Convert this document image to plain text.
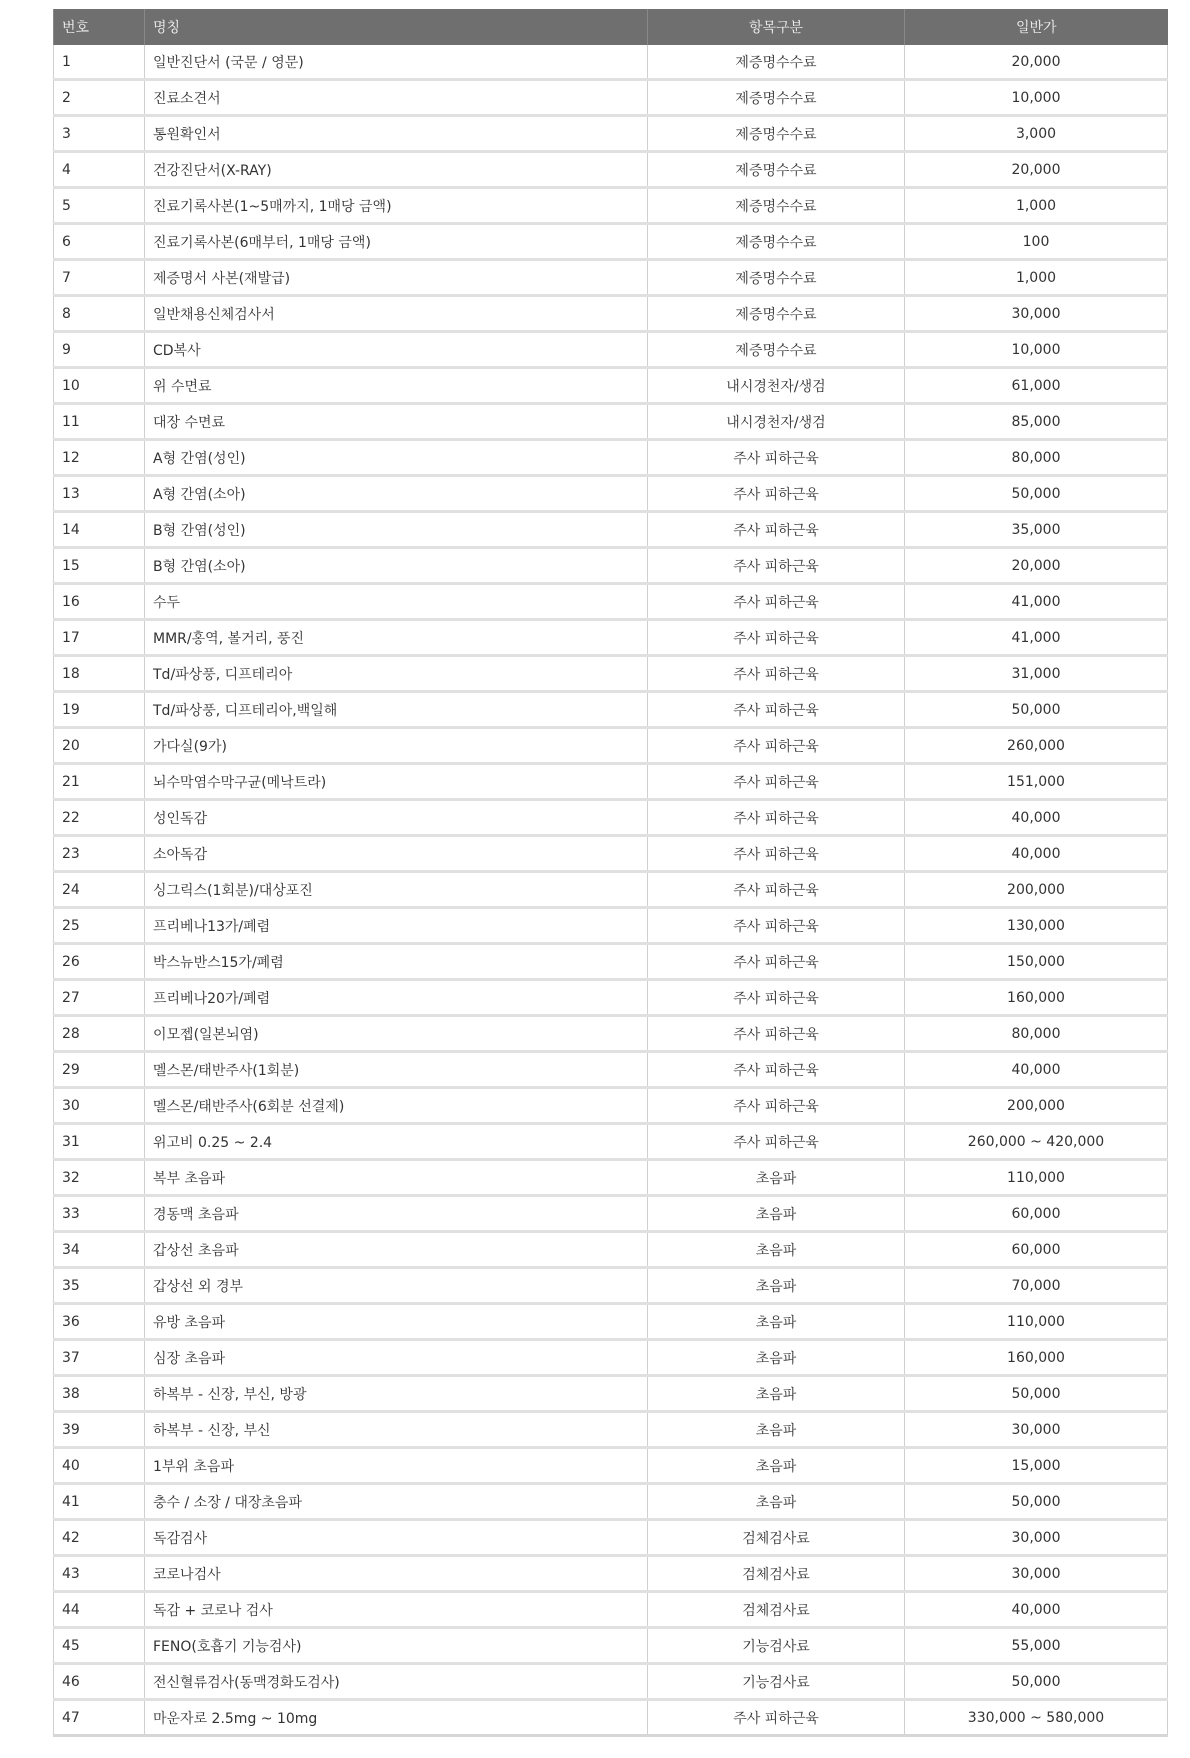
번호	명칭	항목구분	일반가
1	일반진단서 (국문 / 영문)	제증명수수료	20,000
2	진료소견서	제증명수수료	10,000
3	통원확인서	제증명수수료	3,000
4	건강진단서(X-RAY)	제증명수수료	20,000
5	진료기록사본(1~5매까지, 1매당 금액)	제증명수수료	1,000
6	진료기록사본(6매부터, 1매당 금액)	제증명수수료	100
7	제증명서 사본(재발급)	제증명수수료	1,000
8	일반채용신체검사서	제증명수수료	30,000
9	CD복사	제증명수수료	10,000
10	위 수면료	내시경천자/생검	61,000
11	대장 수면료	내시경천자/생검	85,000
12	A형 간염(성인)	주사 피하근육	80,000
13	A형 간염(소아)	주사 피하근육	50,000
14	B형 간염(성인)	주사 피하근육	35,000
15	B형 간염(소아)	주사 피하근육	20,000
16	수두	주사 피하근육	41,000
17	MMR/홍역, 볼거리, 풍진	주사 피하근육	41,000
18	Td/파상풍, 디프테리아	주사 피하근육	31,000
19	Td/파상풍, 디프테리아,백일해	주사 피하근육	50,000
20	가다실(9가)	주사 피하근육	260,000
21	뇌수막염수막구균(메낙트라)	주사 피하근육	151,000
22	성인독감	주사 피하근육	40,000
23	소아독감	주사 피하근육	40,000
24	싱그릭스(1회분)/대상포진	주사 피하근육	200,000
25	프리베나13가/폐렴	주사 피하근육	130,000
26	박스뉴반스15가/폐렴	주사 피하근육	150,000
27	프리베나20가/폐렴	주사 피하근육	160,000
28	이모젭(일본뇌염)	주사 피하근육	80,000
29	멜스몬/태반주사(1회분)	주사 피하근육	40,000
30	멜스몬/태반주사(6회분 선결제)	주사 피하근육	200,000
31	위고비 0.25 ~ 2.4	주사 피하근육	260,000 ~ 420,000
32	복부 초음파	초음파	110,000
33	경동맥 초음파	초음파	60,000
34	갑상선 초음파	초음파	60,000
35	갑상선 외 경부	초음파	70,000
36	유방 초음파	초음파	110,000
37	심장 초음파	초음파	160,000
38	하복부 - 신장, 부신, 방광	초음파	50,000
39	하복부 - 신장, 부신	초음파	30,000
40	1부위 초음파	초음파	15,000
41	충수 / 소장 / 대장초음파	초음파	50,000
42	독감검사	검체검사료	30,000
43	코로나검사	검체검사료	30,000
44	독감 + 코로나 검사	검체검사료	40,000
45	FENO(호흡기 기능검사)	기능검사료	55,000
46	전신혈류검사(동맥경화도검사)	기능검사료	50,000
47	마운자로 2.5mg ~ 10mg	주사 피하근육	330,000 ~ 580,000
